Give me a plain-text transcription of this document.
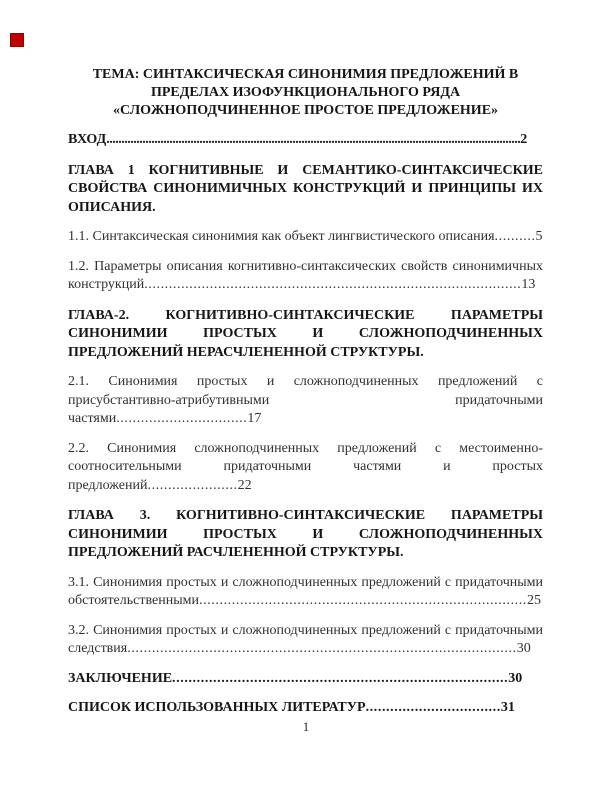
ТЕМА: СИНТАКСИЧЕСКАЯ СИНОНИМИЯ ПРЕДЛОЖЕНИЙ В ПРЕДЕЛАХ ИЗОФУНКЦИОНАЛЬНОГО РЯДА «СЛОЖНОПОДЧИНЕННОЕ ПРОСТОЕ ПРЕДЛОЖЕНИЕ»

ВХОД..........................................................................................................................................2

ГЛАВА 1 КОГНИТИВНЫЕ И СЕМАНТИКО-СИНТАКСИЧЕСКИЕ СВОЙСТВА СИНОНИМИЧНЫХ КОНСТРУКЦИЙ И ПРИНЦИПЫ ИХ ОПИСАНИЯ.

1.1. Синтаксическая синонимия как объект лингвистического описания..........5

1.2. Параметры описания когнитивно-синтаксических свойств синонимичных конструкций............................................................................................13

ГЛАВА-2. КОГНИТИВНО-СИНТАКСИЧЕСКИЕ ПАРАМЕТРЫ СИНОНИМИИ ПРОСТЫХ И СЛОЖНОПОДЧИНЕННЫХ ПРЕДЛОЖЕНИЙ НЕРАСЧЛЕНЕННОЙ СТРУКТУРЫ.

2.1. Синонимия простых и сложноподчиненных предложений с присубстантивно-атрибутивными придаточными частями................................17

2.2. Синонимия сложноподчиненных предложений с местоименно-соотносительными придаточными частями и простых предложений......................22

ГЛАВА 3. КОГНИТИВНО-СИНТАКСИЧЕСКИЕ ПАРАМЕТРЫ СИНОНИМИИ ПРОСТЫХ И СЛОЖНОПОДЧИНЕННЫХ ПРЕДЛОЖЕНИЙ РАСЧЛЕНЕННОЙ СТРУКТУРЫ.

3.1. Синонимия простых и сложноподчиненных предложений с придаточными обстоятельственными................................................................................25

3.2. Синонимия простых и сложноподчиненных предложений с придаточными следствия...............................................................................................30

ЗАКЛЮЧЕНИЕ..................................................................................30

СПИСОК ИСПОЛЬЗОВАННЫХ ЛИТЕРАТУР.................................31

1
